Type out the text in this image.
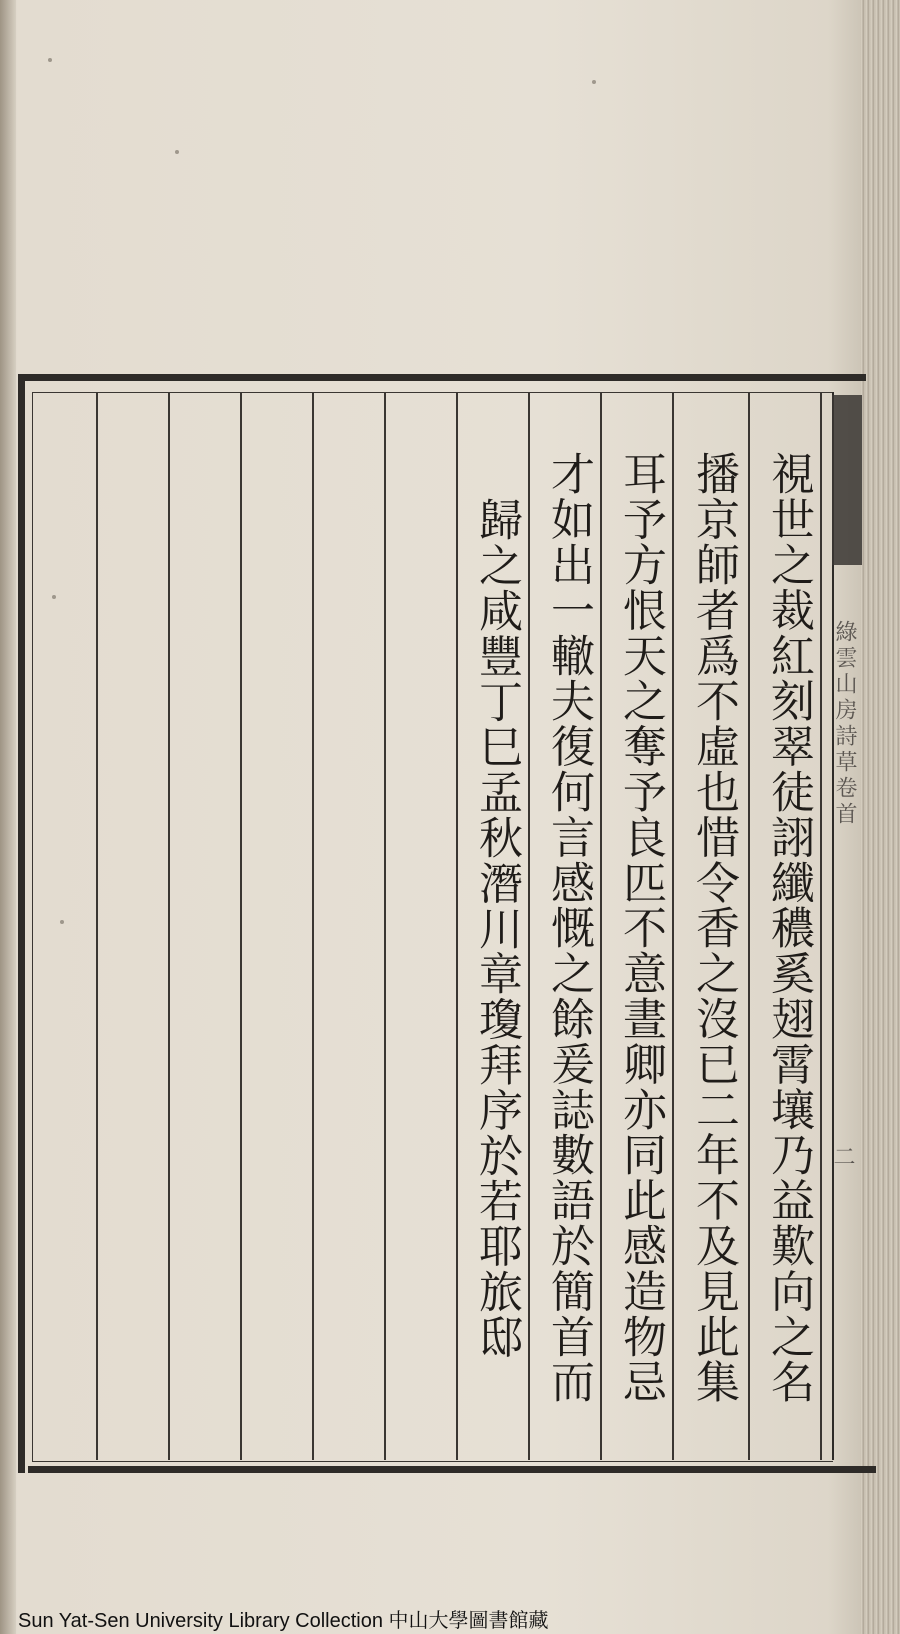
綠雲山房詩草卷首
二
視世之裁紅刻翠徒詡纖穠奚翅霄壤乃益歎向之名
播京師者爲不虛也惜令香之沒已二年不及見此集
耳予方恨天之奪予良匹不意晝卿亦同此感造物忌
才如出一轍夫復何言感慨之餘爰誌數語於簡首而
歸之咸豐丁巳孟秋潛川章瓊拜序於若耶旅邸
Sun Yat-Sen University Library Collection 中山大學圖書館藏
